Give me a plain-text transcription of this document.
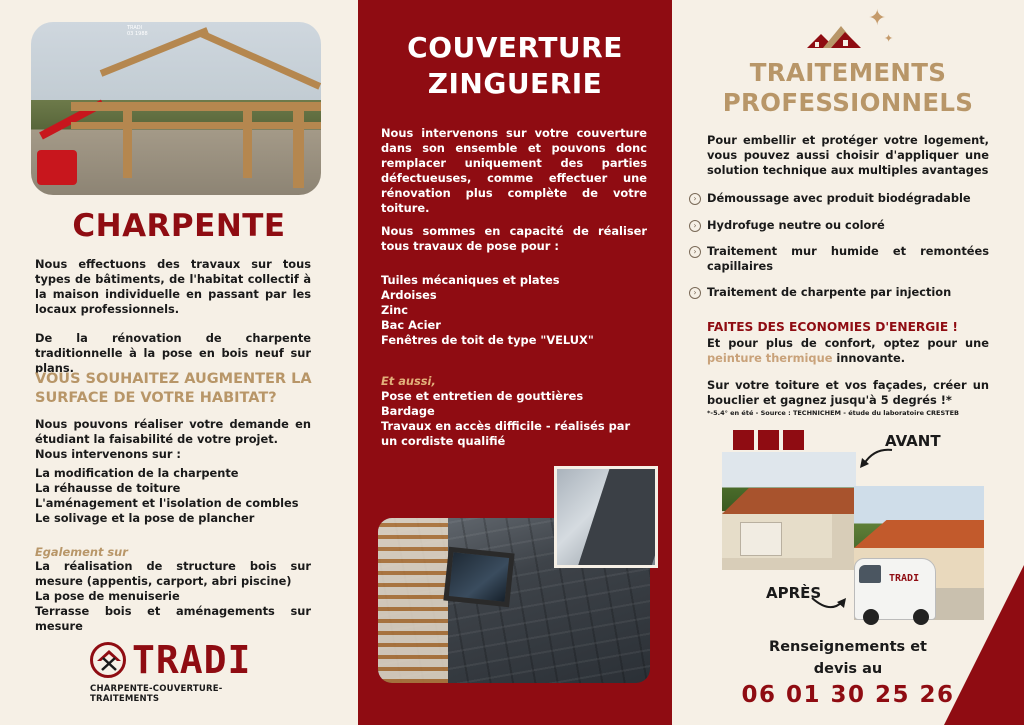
TRADI
03 1988
CHARPENTE

Nous effectuons des travaux sur tous types de bâtiments, de l'habitat collectif à la maison individuelle en passant par les locaux professionnels.

De la rénovation de charpente traditionnelle à la pose en bois neuf sur plans.

VOUS SOUHAITEZ AUGMENTER LA SURFACE DE VOTRE HABITAT?

Nous pouvons réaliser votre demande en étudiant la faisabilité de votre projet.

Nous intervenons sur :

La modification de la charpente
La réhausse de toiture
L'aménagement et l'isolation de combles
Le solivage et la pose de plancher

Egalement sur

La réalisation de structure bois sur mesure (appentis, carport, abri piscine)
La pose de menuiserie
Terrasse bois et aménagements sur mesure
TRADI
CHARPENTE-COUVERTURE-TRAITEMENTS
COUVERTURE
ZINGUERIE

Nous intervenons sur votre couverture dans son ensemble et pouvons donc remplacer uniquement des parties défectueuses, comme effectuer une rénovation plus complète de votre toiture.

Nous sommes en capacité de réaliser tous travaux de pose pour :

Tuiles mécaniques et plates
Ardoises
Zinc
Bac Acier
Fenêtres de toit de type "VELUX"

Et aussi,

Pose et entretien de gouttières
Bardage
Travaux en accès difficile - réalisés par un cordiste qualifié
✦
✦
TRAITEMENTS
PROFESSIONNELS

Pour embellir et protéger votre logement, vous pouvez aussi choisir d'appliquer une solution technique aux multiples avantages

› Démoussage avec produit biodégradable

› Hydrofuge neutre ou coloré

› Traitement mur humide et remontées capillaires

› Traitement de charpente par injection

FAITES DES ECONOMIES D'ENERGIE !

Et pour plus de confort, optez pour une peinture thermique innovante.

Sur votre toiture et vos façades, créer un bouclier et gagnez jusqu'à 5 degrés !*

*-5.4° en été - Source : TECHNICHEM - étude du laboratoire CRESTEB

TRADI
AVANT
APRÈS
Renseignements et
devis au
06 01 30 25 26
